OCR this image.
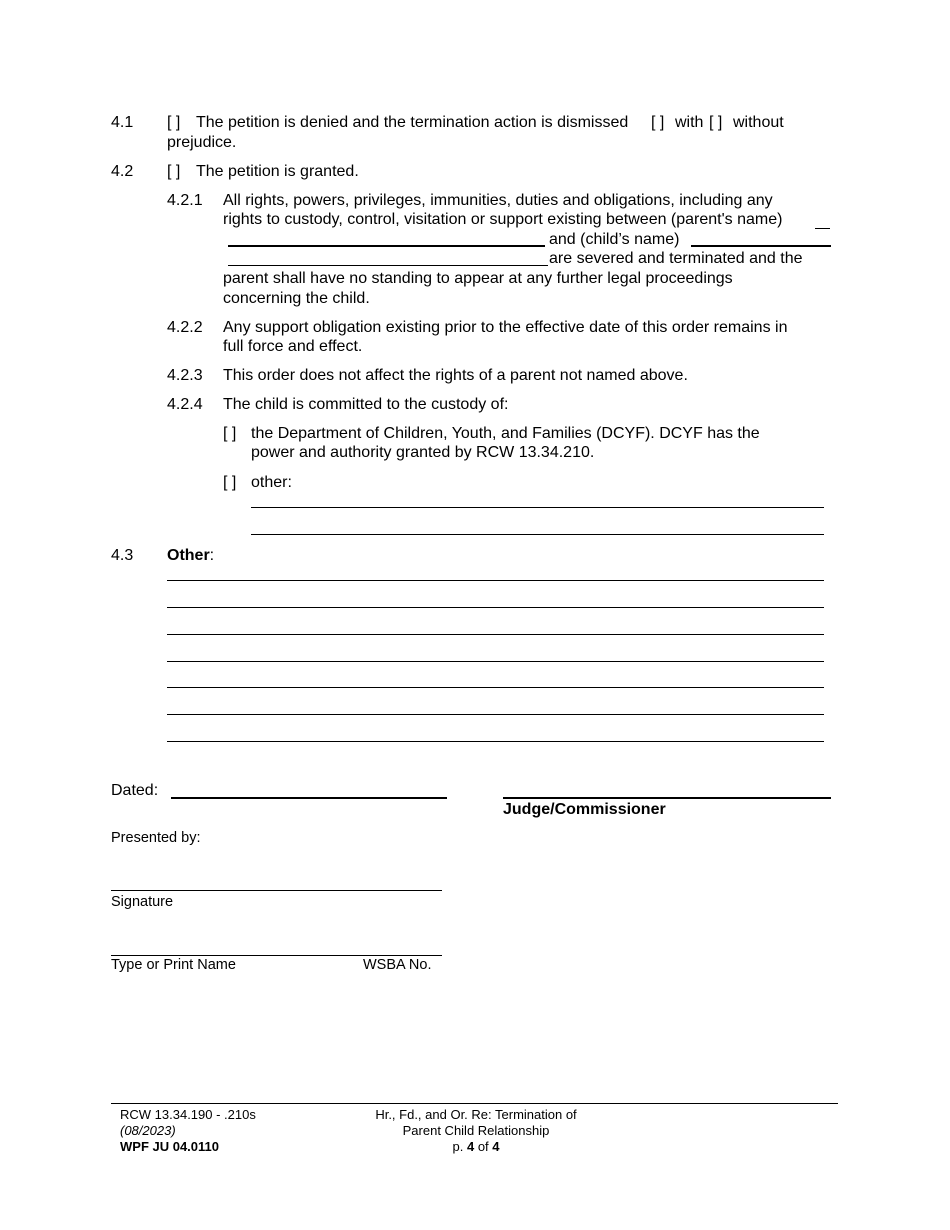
4.1 [ ] The petition is denied and the termination action is dismissed [ ] with [ ] without
prejudice.
4.2 [ ] The petition is granted.
4.2.1 All rights, powers, privileges, immunities, duties and obligations, including any
rights to custody, control, visitation or support existing between (parent's name)
and (child’s name)
are severed and terminated and the
parent shall have no standing to appear at any further legal proceedings
concerning the child.
4.2.2 Any support obligation existing prior to the effective date of this order remains in
full force and effect.
4.2.3 This order does not affect the rights of a parent not named above.
4.2.4 The child is committed to the custody of:
[ ] the Department of Children, Youth, and Families (DCYF). DCYF has the
power and authority granted by RCW 13.34.210.
[ ] other:
4.3 Other:
Dated:
Judge/Commissioner
Presented by:
Signature
Type or Print Name	WSBA No.
RCW 13.34.190 - .210s
(08/2023)
WPF JU 04.0110
Hr., Fd., and Or. Re: Termination of
Parent Child Relationship
p. 4 of 4
